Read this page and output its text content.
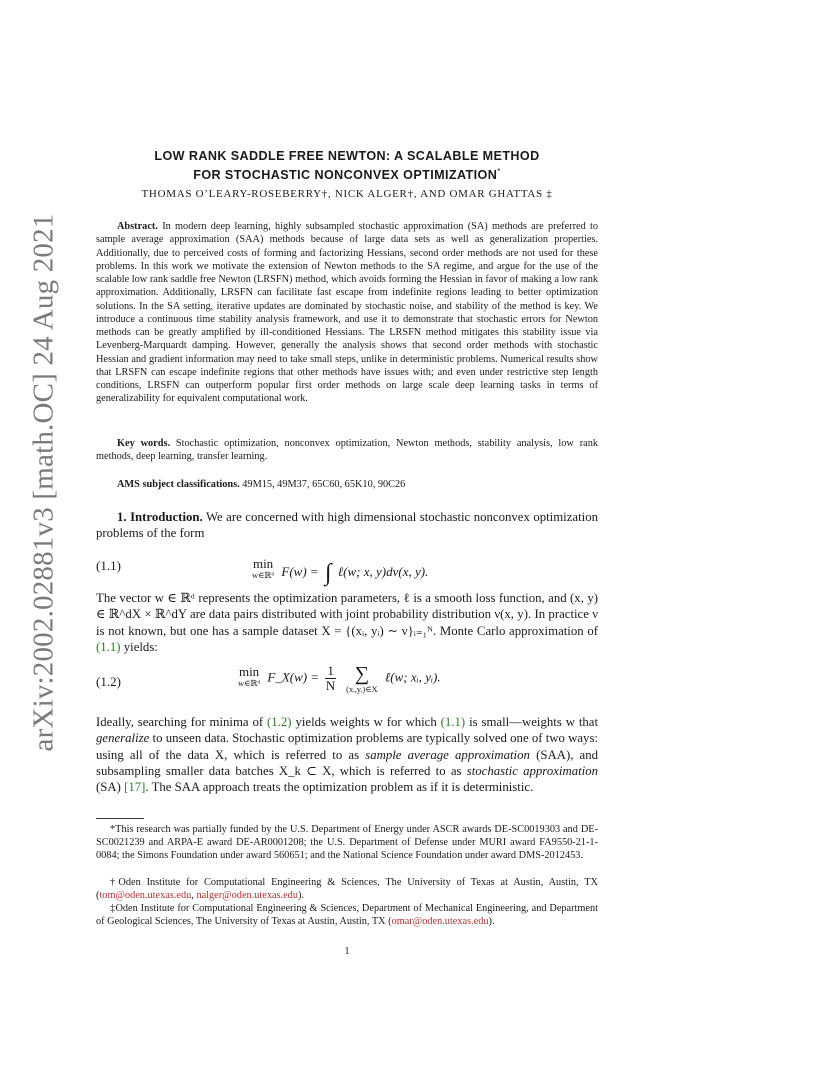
arXiv:2002.02881v3 [math.OC] 24 Aug 2021
LOW RANK SADDLE FREE NEWTON: A SCALABLE METHOD
FOR STOCHASTIC NONCONVEX OPTIMIZATION*
THOMAS O’LEARY-ROSEBERRY†, NICK ALGER†, AND OMAR GHATTAS ‡
Abstract. In modern deep learning, highly subsampled stochastic approximation (SA) methods are preferred to sample average approximation (SAA) methods because of large data sets as well as generalization properties. Additionally, due to perceived costs of forming and factorizing Hessians, second order methods are not used for these problems. In this work we motivate the extension of Newton methods to the SA regime, and argue for the use of the scalable low rank saddle free Newton (LRSFN) method, which avoids forming the Hessian in favor of making a low rank approximation. Additionally, LRSFN can facilitate fast escape from indefinite regions leading to better optimization solutions. In the SA setting, iterative updates are dominated by stochastic noise, and stability of the method is key. We introduce a continuous time stability analysis framework, and use it to demonstrate that stochastic errors for Newton methods can be greatly amplified by ill-conditioned Hessians. The LRSFN method mitigates this stability issue via Levenberg-Marquardt damping. However, generally the analysis shows that second order methods with stochastic Hessian and gradient information may need to take small steps, unlike in deterministic problems. Numerical results show that LRSFN can escape indefinite regions that other methods have issues with; and even under restrictive step length conditions, LRSFN can outperform popular first order methods on large scale deep learning tasks in terms of generalizability for equivalent computational work.
Key words. Stochastic optimization, nonconvex optimization, Newton methods, stability analysis, low rank methods, deep learning, transfer learning.
AMS subject classifications. 49M15, 49M37, 65C60, 65K10, 90C26
1. Introduction. We are concerned with high dimensional stochastic nonconvex optimization problems of the form
(1.1)	min
w∈ℝᵈ F(w) = ∫ ℓ(w; x, y)dν(x, y).
The vector w ∈ ℝᵈ represents the optimization parameters, ℓ is a smooth loss function, and (x, y) ∈ ℝ^dX × ℝ^dY are data pairs distributed with joint probability distribution ν(x, y). In practice ν is not known, but one has a sample dataset X = {(xᵢ, yᵢ) ∼ ν}ᵢ₌₁ᴺ. Monte Carlo approximation of (1.1) yields:
(1.2)
min
w∈ℝᵈ F_X(w) = $\frac{1}{N}$
∑
(xᵢ,yᵢ)∈X
ℓ(w; xᵢ, yᵢ).
Ideally, searching for minima of (1.2) yields weights w for which (1.1) is small—weights w that generalize to unseen data. Stochastic optimization problems are typically solved one of two ways: using all of the data X, which is referred to as sample average approximation (SAA), and subsampling smaller data batches X_k ⊂ X, which is referred to as stochastic approximation (SA) [17]. The SAA approach treats the optimization problem as if it is deterministic.
*This research was partially funded by the U.S. Department of Energy under ASCR awards DE-SC0019303 and DE-SC0021239 and ARPA-E award DE-AR0001208; the U.S. Department of Defense under MURI award FA9550-21-1-0084; the Simons Foundation under award 560651; and the National Science Foundation under award DMS-2012453.
†Oden Institute for Computational Engineering & Sciences, The University of Texas at Austin, Austin, TX (tom@oden.utexas.edu, nalger@oden.utexas.edu).
‡Oden Institute for Computational Engineering & Sciences, Department of Mechanical Engineering, and Department of Geological Sciences, The University of Texas at Austin, Austin, TX (omar@oden.utexas.edu).
1
